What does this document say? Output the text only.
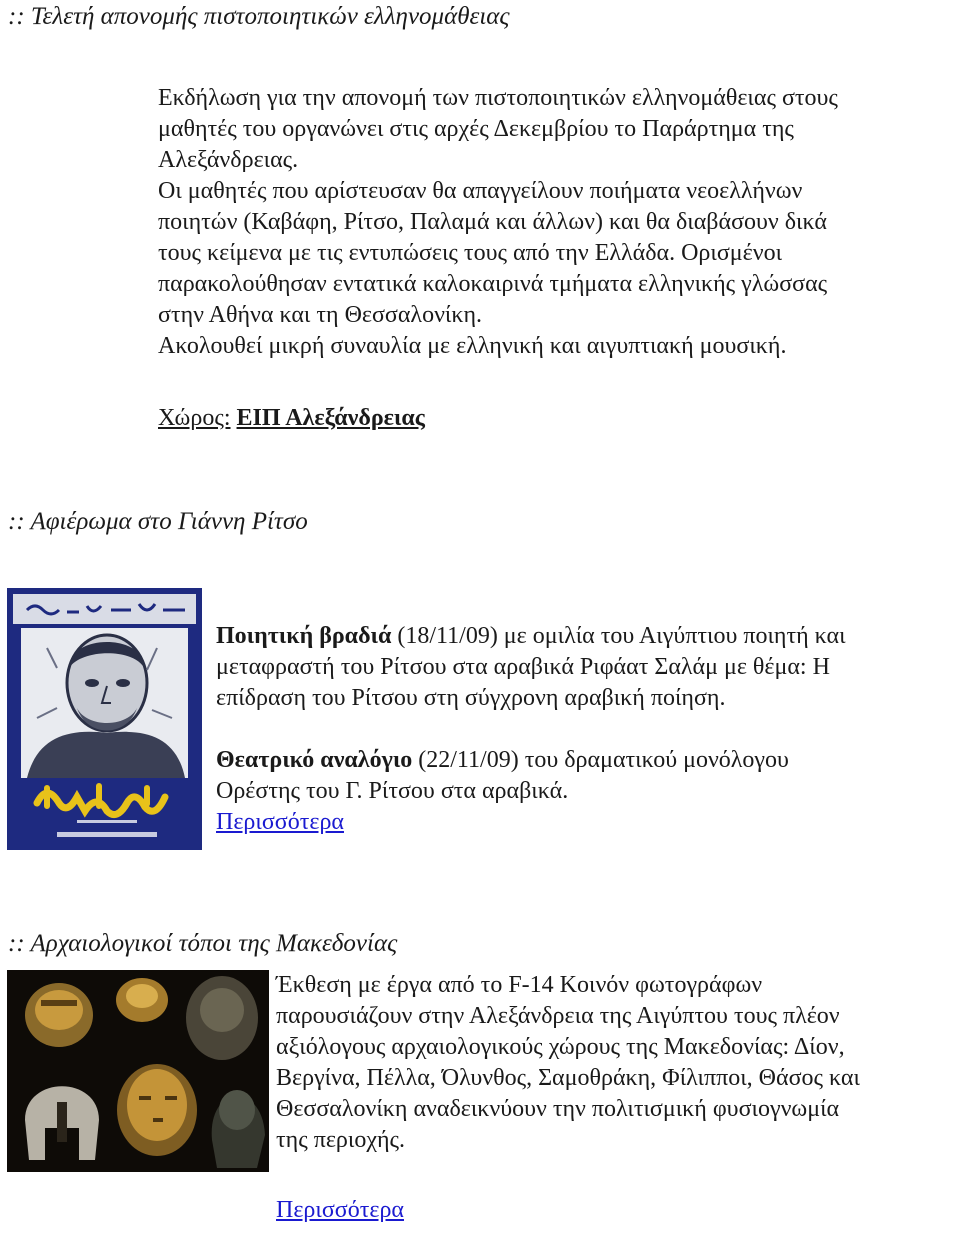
:: Τελετή απονομής πιστοποιητικών ελληνομάθειας

Εκδήλωση για την απονομή των πιστοποιητικών ελληνομάθειας στους

μαθητές του οργανώνει στις αρχές Δεκεμβρίου το Παράρτημα της

Αλεξάνδρειας.

Οι μαθητές που αρίστευσαν θα απαγγείλουν ποιήματα νεοελλήνων

ποιητών (Καβάφη, Ρίτσο, Παλαμά και άλλων) και θα διαβάσουν δικά

τους κείμενα με τις εντυπώσεις τους από την Ελλάδα. Ορισμένοι

παρακολούθησαν εντατικά καλοκαιρινά τμήματα ελληνικής γλώσσας

στην Αθήνα και τη Θεσσαλονίκη.

Ακολουθεί μικρή συναυλία με ελληνική και αιγυπτιακή μουσική.

Χώρος: ΕΙΠ Αλεξάνδρειας
:: Αφιέρωμα στο Γιάννη Ρίτσο

Ποιητική βραδιά (18/11/09) με ομιλία του Αιγύπτιου ποιητή και

μεταφραστή του Ρίτσου στα αραβικά Ριφάατ Σαλάμ με θέμα: Η

επίδραση του Ρίτσου στη σύγχρονη αραβική ποίηση.

Θεατρικό αναλόγιο (22/11/09) του δραματικού μονόλογου

Ορέστης του Γ. Ρίτσου στα αραβικά.

Περισσότερα

:: Αρχαιολογικοί τόποι της Μακεδονίας

Έκθεση με έργα από το F-14 Κοινόν φωτογράφων

παρουσιάζουν στην Αλεξάνδρεια της Αιγύπτου τους πλέον

αξιόλογους αρχαιολογικούς χώρους της Μακεδονίας: Δίον,

Βεργίνα, Πέλλα, Όλυνθος, Σαμοθράκη, Φίλιπποι, Θάσος και

Θεσσαλονίκη αναδεικνύουν την πολιτισμική φυσιογνωμία

της περιοχής.

Περισσότερα
